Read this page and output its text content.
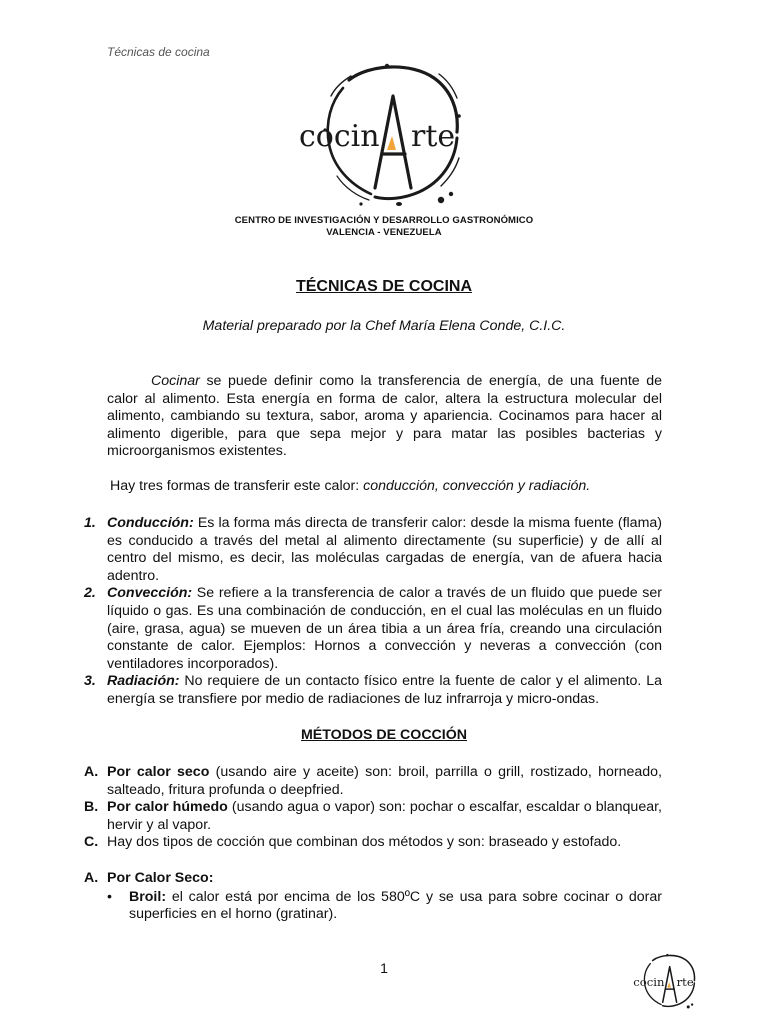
Técnicas de cocina
cocin rte
CENTRO DE INVESTIGACIÓN Y DESARROLLO GASTRONÓMICO
VALENCIA - VENEZUELA
TÉCNICAS DE COCINA
Material preparado por la Chef María Elena Conde, C.I.C.

Cocinar se puede definir como la transferencia de energía, de una fuente de calor al alimento. Esta energía en forma de calor, altera la estructura molecular del alimento, cambiando su textura, sabor, aroma y apariencia. Cocinamos para hacer al alimento digerible, para que sepa mejor y para matar las posibles bacterias y microorganismos existentes.

Hay tres formas de transferir este calor: conducción, convección y radiación.

1. Conducción: Es la forma más directa de transferir calor: desde la misma fuente (flama) es conducido a través del metal al alimento directamente (su superficie) y de allí al centro del mismo, es decir, las moléculas cargadas de energía, van de afuera hacia adentro.
2. Convección: Se refiere a la transferencia de calor a través de un fluido que puede ser líquido o gas. Es una combinación de conducción, en el cual las moléculas en un fluido (aire, grasa, agua) se mueven de un área tibia a un área fría, creando una circulación constante de calor. Ejemplos: Hornos a convección y neveras a convección (con ventiladores incorporados).
3. Radiación: No requiere de un contacto físico entre la fuente de calor y el alimento. La energía se transfiere por medio de radiaciones de luz infrarroja y micro-ondas.
MÉTODOS DE COCCIÓN
A. Por calor seco (usando aire y aceite) son: broil, parrilla o grill, rostizado, horneado, salteado, fritura profunda o deepfried.
B. Por calor húmedo (usando agua o vapor) son: pochar o escalfar, escaldar o blanquear, hervir y al vapor.
C. Hay dos tipos de cocción que combinan dos métodos y son: braseado y estofado.
A. Por Calor Seco:
• Broil: el calor está por encima de los 580ºC y se usa para sobre cocinar o dorar superficies en el horno (gratinar).
1
cocin rte
